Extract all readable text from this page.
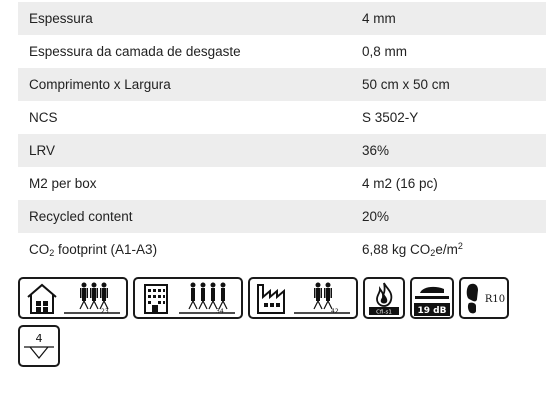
Espessura	4 mm
Espessura da camada de desgaste	0,8 mm
Comprimento x Largura	50 cm x 50 cm
NCS	S 3502-Y
LRV	36%
M2 per box	4 m2 (16 pc)
Recycled content	20%
$CO_2$ footprint (A1-A3)	6,88 kg $CO_2e/m^2$
23	34	42	Cfl-s1	19 dB
R10
4
